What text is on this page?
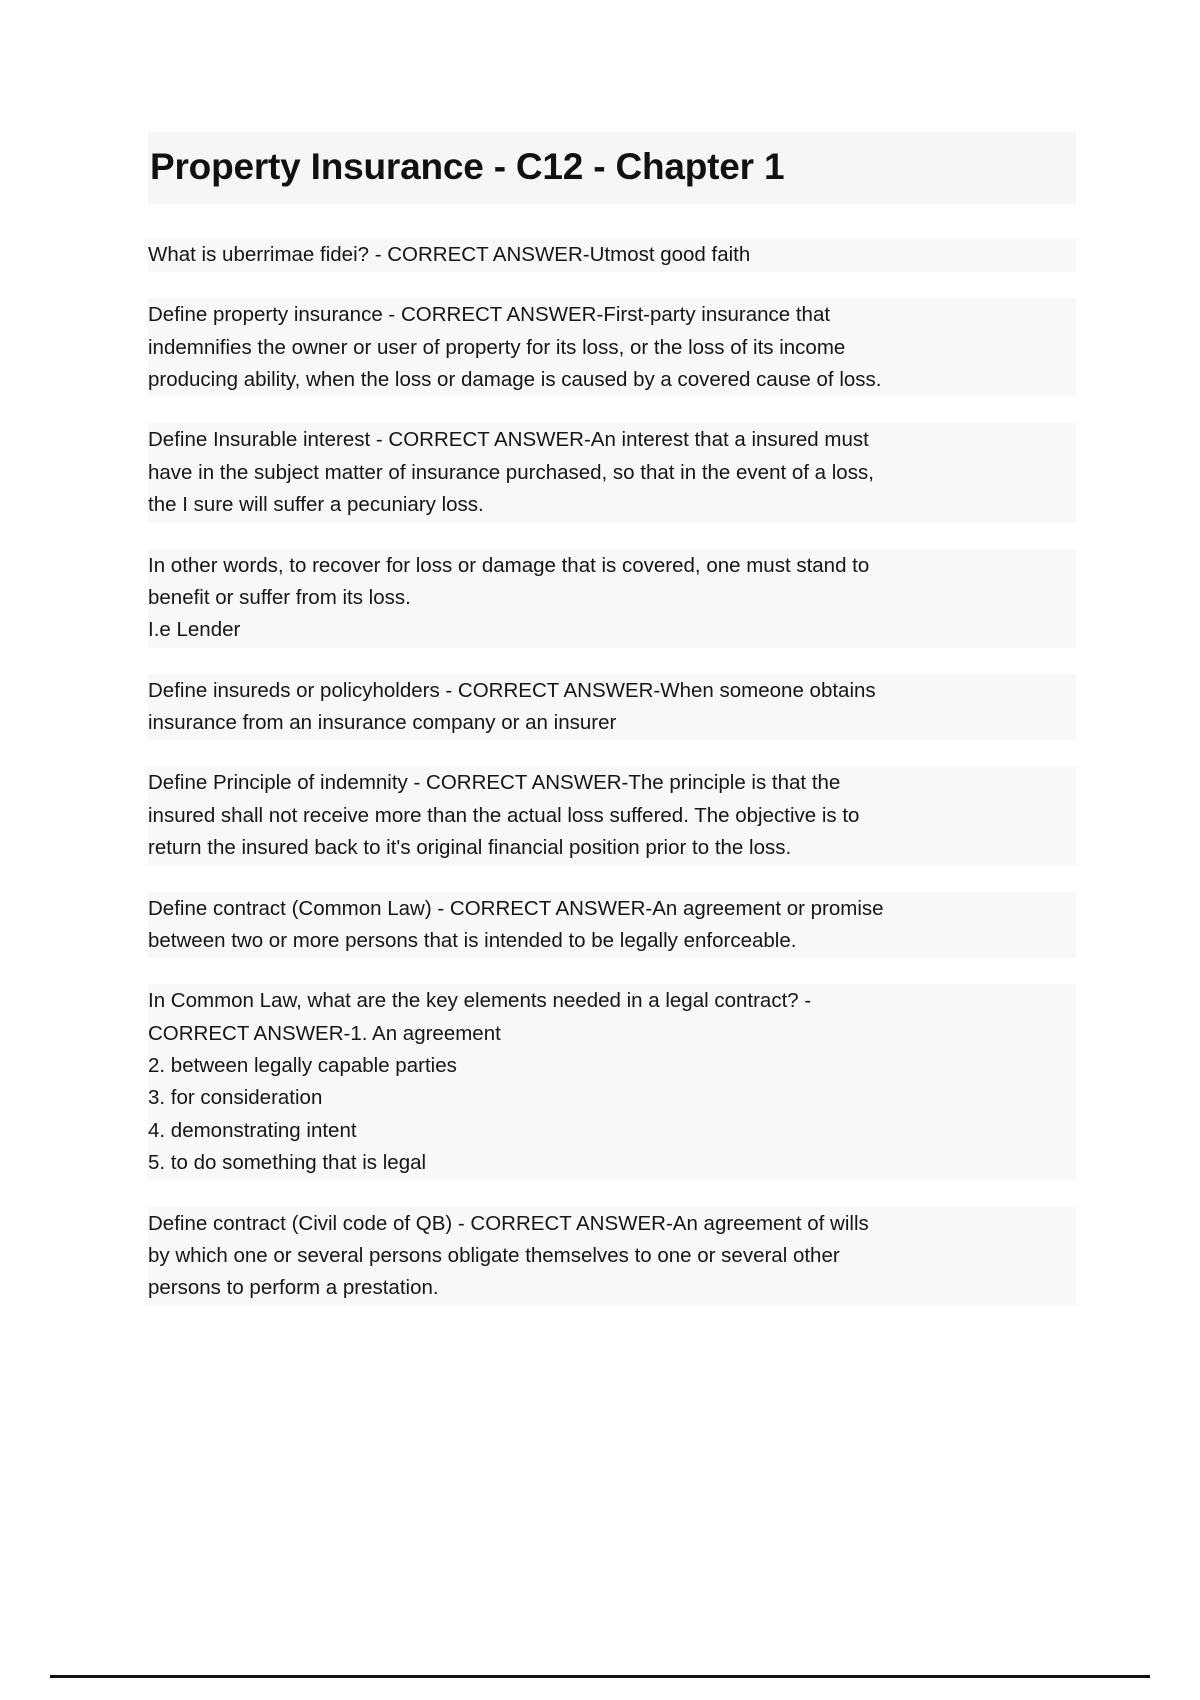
Property Insurance - C12 - Chapter 1
What is uberrimae fidei? - CORRECT ANSWER-Utmost good faith
Define property insurance - CORRECT ANSWER-First-party insurance that
indemnifies the owner or user of property for its loss, or the loss of its income
producing ability, when the loss or damage is caused by a covered cause of loss.
Define Insurable interest - CORRECT ANSWER-An interest that a insured must
have in the subject matter of insurance purchased, so that in the event of a loss,
the I sure will suffer a pecuniary loss.
In other words, to recover for loss or damage that is covered, one must stand to
benefit or suffer from its loss.
I.e Lender
Define insureds or policyholders - CORRECT ANSWER-When someone obtains
insurance from an insurance company or an insurer
Define Principle of indemnity - CORRECT ANSWER-The principle is that the
insured shall not receive more than the actual loss suffered. The objective is to
return the insured back to it's original financial position prior to the loss.
Define contract (Common Law) - CORRECT ANSWER-An agreement or promise
between two or more persons that is intended to be legally enforceable.
In Common Law, what are the key elements needed in a legal contract? -
CORRECT ANSWER-1. An agreement
2. between legally capable parties
3. for consideration
4. demonstrating intent
5. to do something that is legal
Define contract (Civil code of QB) - CORRECT ANSWER-An agreement of wills
by which one or several persons obligate themselves to one or several other
persons to perform a prestation.
